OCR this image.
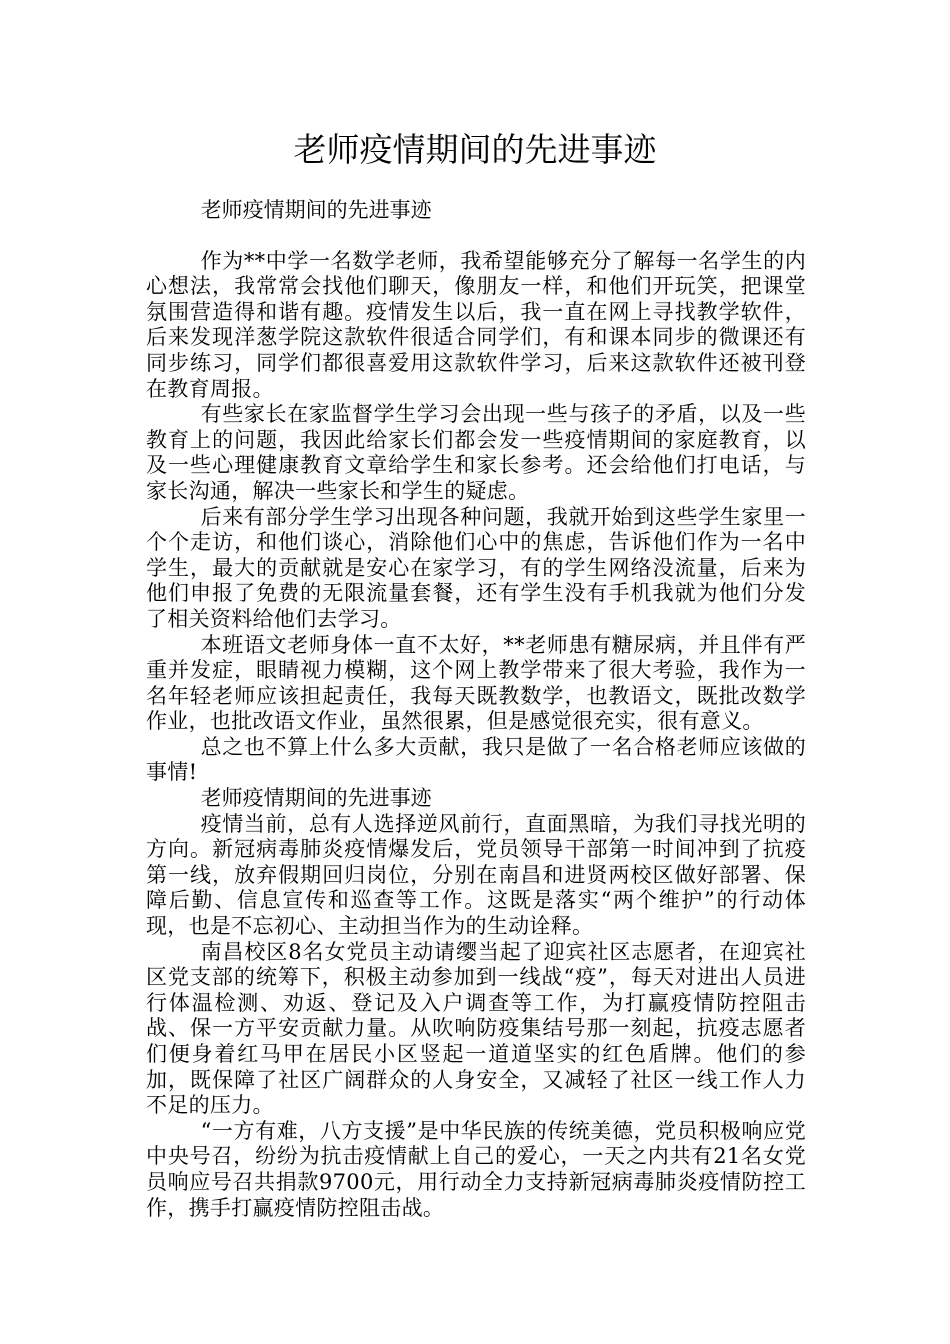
老师疫情期间的先进事迹

老师疫情期间的先进事迹

作为**中学一名数学老师，我希望能够充分了解每一名学生的内心想法，我常常会找他们聊天，像朋友一样，和他们开玩笑，把课堂氛围营造得和谐有趣。疫情发生以后，我一直在网上寻找教学软件，后来发现洋葱学院这款软件很适合同学们，有和课本同步的微课还有同步练习，同学们都很喜爱用这款软件学习，后来这款软件还被刊登在教育周报。

有些家长在家监督学生学习会出现一些与孩子的矛盾，以及一些教育上的问题，我因此给家长们都会发一些疫情期间的家庭教育，以及一些心理健康教育文章给学生和家长参考。还会给他们打电话，与家长沟通，解决一些家长和学生的疑虑。

后来有部分学生学习出现各种问题，我就开始到这些学生家里一个个走访，和他们谈心，消除他们心中的焦虑，告诉他们作为一名中学生，最大的贡献就是安心在家学习，有的学生网络没流量，后来为他们申报了免费的无限流量套餐，还有学生没有手机我就为他们分发了相关资料给他们去学习。

本班语文老师身体一直不太好，**老师患有糖尿病，并且伴有严重并发症，眼睛视力模糊，这个网上教学带来了很大考验，我作为一名年轻老师应该担起责任，我每天既教数学，也教语文，既批改数学作业，也批改语文作业，虽然很累，但是感觉很充实，很有意义。

总之也不算上什么多大贡献，我只是做了一名合格老师应该做的事情!

老师疫情期间的先进事迹

疫情当前，总有人选择逆风前行，直面黑暗，为我们寻找光明的方向。新冠病毒肺炎疫情爆发后，党员领导干部第一时间冲到了抗疫第一线，放弃假期回归岗位，分别在南昌和进贤两校区做好部署、保障后勤、信息宣传和巡查等工作。这既是落实“两个维护”的行动体现，也是不忘初心、主动担当作为的生动诠释。

南昌校区8名女党员主动请缨当起了迎宾社区志愿者，在迎宾社区党支部的统筹下，积极主动参加到一线战“疫”，每天对进出人员进行体温检测、劝返、登记及入户调查等工作，为打赢疫情防控阻击战、保一方平安贡献力量。从吹响防疫集结号那一刻起，抗疫志愿者们便身着红马甲在居民小区竖起一道道坚实的红色盾牌。他们的参加，既保障了社区广阔群众的人身安全，又减轻了社区一线工作人力不足的压力。

“一方有难，八方支援”是中华民族的传统美德，党员积极响应党中央号召，纷纷为抗击疫情献上自己的爱心，一天之内共有21名女党员响应号召共捐款9700元，用行动全力支持新冠病毒肺炎疫情防控工作，携手打赢疫情防控阻击战。
